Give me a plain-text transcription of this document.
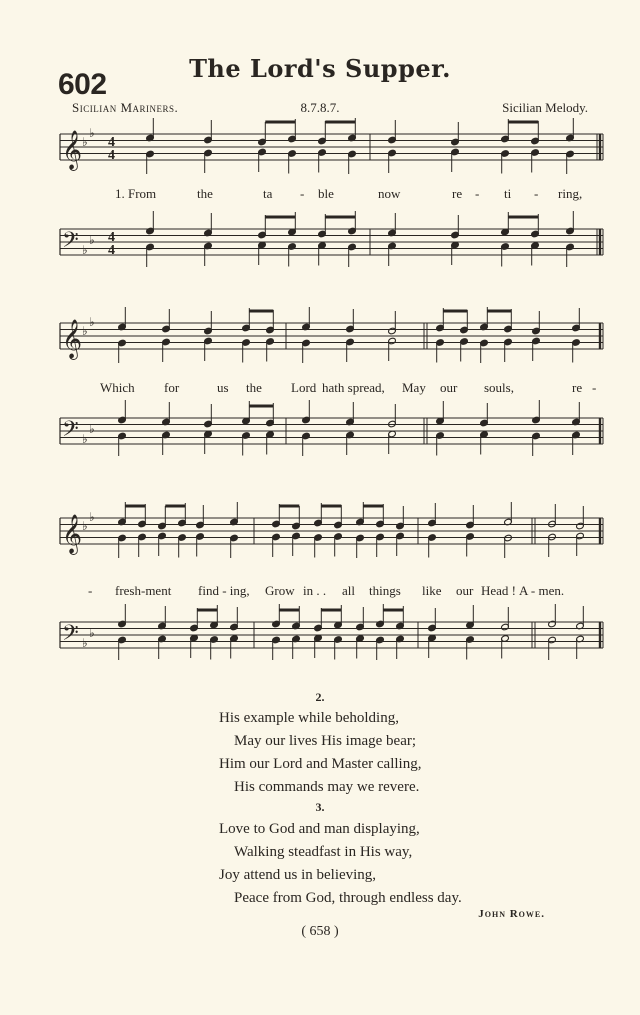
The Lord's Supper.
602
Sicilian Mariners.	8.7.8.7.	Sicilian Melody.
𝄞 ♭
♭
4
4
𝄢 ♭
♭ 4
4
𝄞 ♭
♭
𝄢 ♭
♭
𝄞 ♭
♭
𝄢 ♭
♭
1. From	the	ta - ble	now	re - ti - ring,
Which for	us the Lord hath spread, May our souls,	re -
- fresh-ment find - ing, Grow in . . all things like our Head ! A - men.
2.
His example while beholding,
May our lives His image bear;
Him our Lord and Master calling,
His commands may we revere.
3.
Love to God and man displaying,
Walking steadfast in His way,
Joy attend us in believing,
Peace from God, through endless day.
John Rowe.
( 658 )
